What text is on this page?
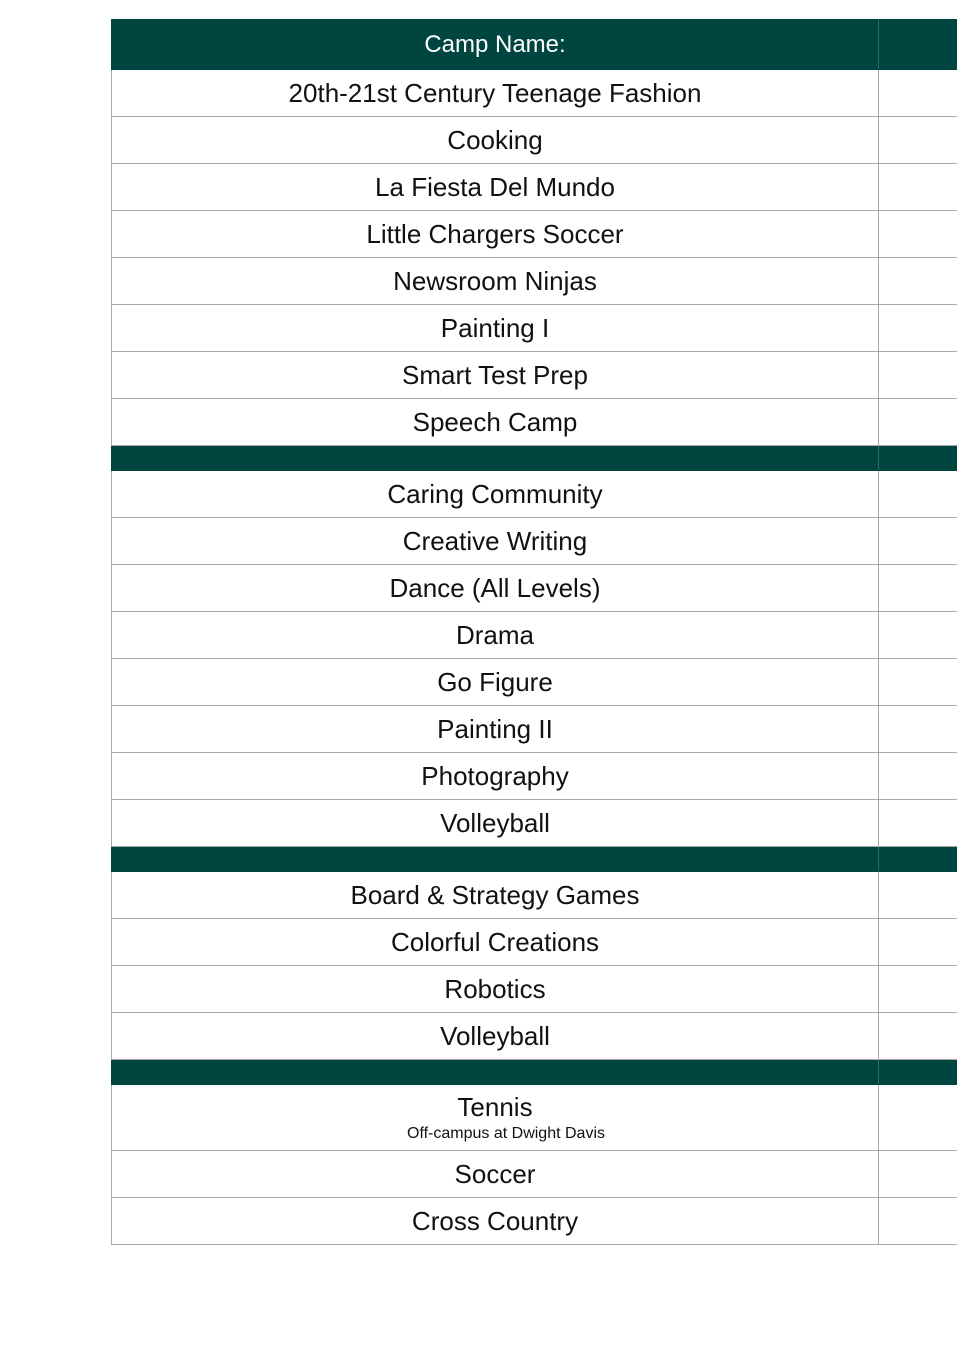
Camp Name:	
20th-21st Century Teenage Fashion	
Cooking	
La Fiesta Del Mundo	
Little Chargers Soccer	
Newsroom Ninjas	
Painting I	
Smart Test Prep	
Speech Camp	

Caring Community	
Creative Writing	
Dance (All Levels)	
Drama	
Go Figure	
Painting II	
Photography	
Volleyball	

Board & Strategy Games	
Colorful Creations	
Robotics	
Volleyball	

Tennis
Off-campus at Dwight Davis	

Soccer	
Cross Country	
